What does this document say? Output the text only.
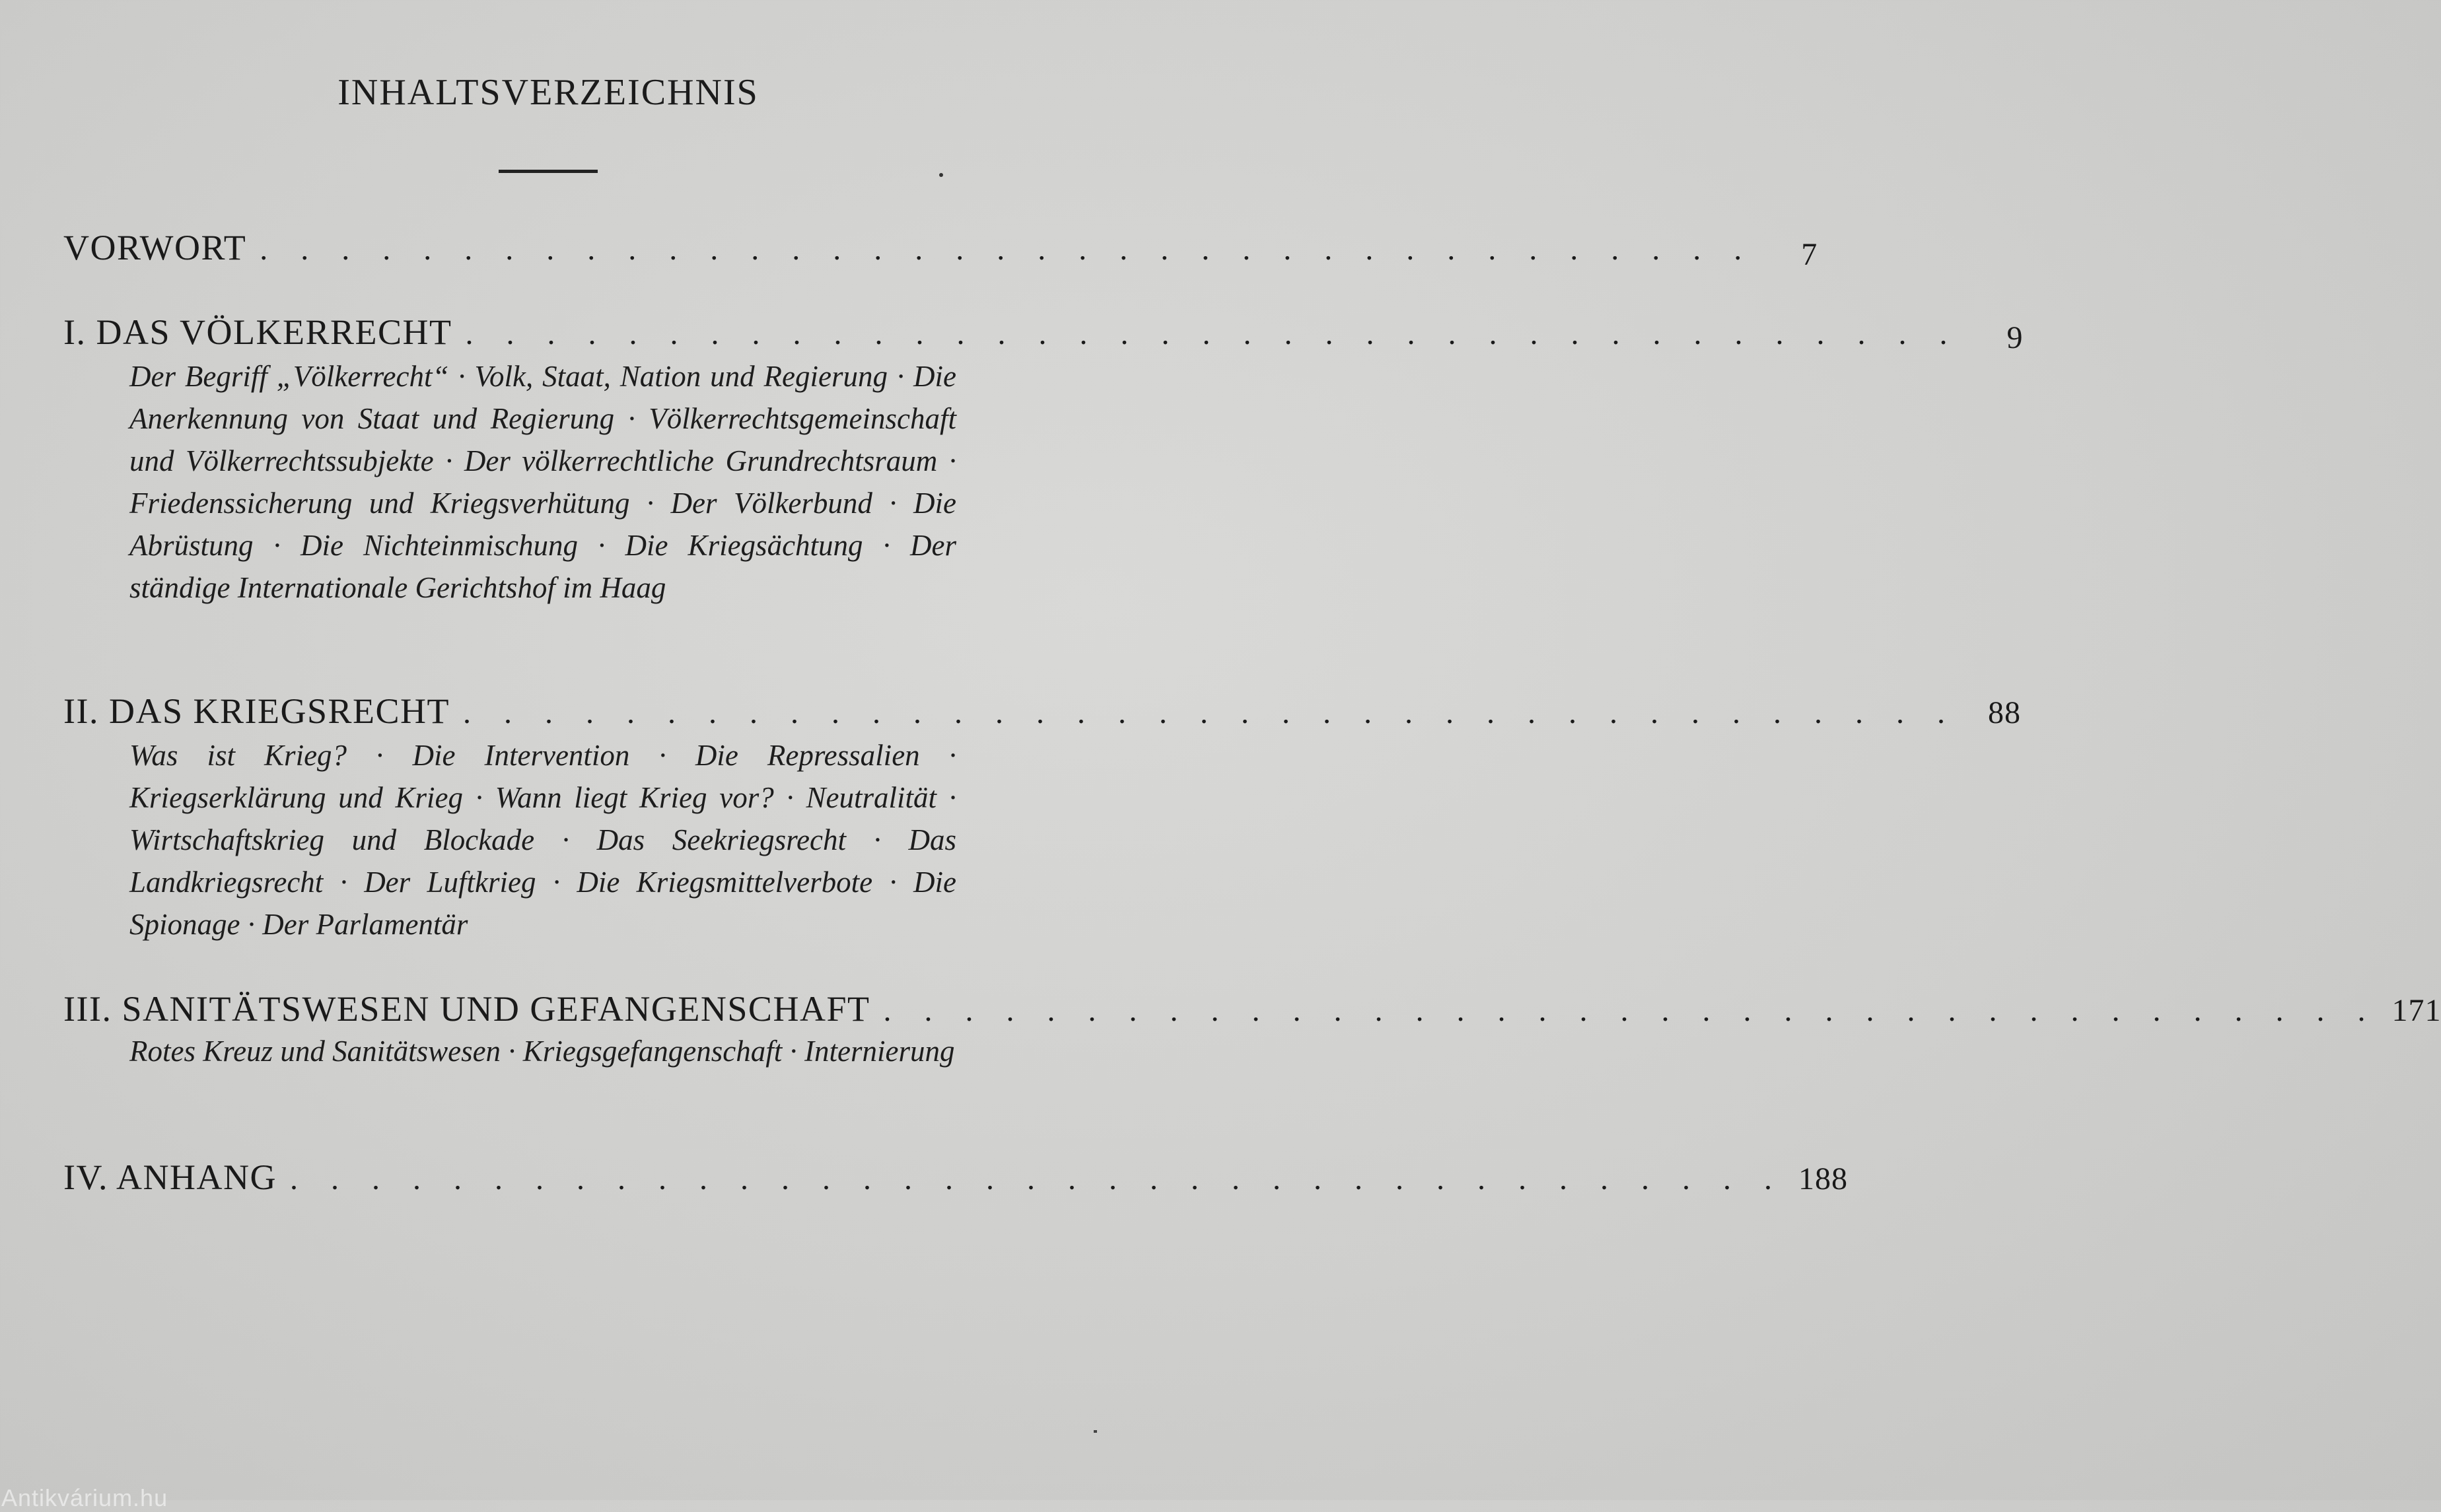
INHALTSVERZEICHNIS
VORWORT . . . . . . . . . . . . . . . . . . . . . . . . . . . . . . . . . . . . .	7
I. DAS VÖLKERRECHT . . . . . . . . . . . . . . . . . . . . . . . . . . . . . . . . . . . . .	9
Der Begriff „Völkerrecht“ · Volk, Staat, Nation und Regierung · Die Anerkennung von Staat und Regierung · Völkerrechtsgemeinschaft und Völkerrechtssubjekte · Der völkerrechtliche Grundrechtsraum · Friedenssicherung und Kriegsverhütung · Der Völkerbund · Die Abrüstung · Die Nichteinmischung · Die Kriegsächtung · Der ständige Internationale Gerichtshof im Haag
II. DAS KRIEGSRECHT . . . . . . . . . . . . . . . . . . . . . . . . . . . . . . . . . . . . . 88
Was ist Krieg? · Die Intervention · Die Repressalien · Kriegserklärung und Krieg · Wann liegt Krieg vor? · Neutralität · Wirtschaftskrieg und Blockade · Das Seekriegsrecht · Das Landkriegsrecht · Der Luftkrieg · Die Kriegsmittelverbote · Die Spionage · Der Parlamentär
III. SANITÄTSWESEN UND GEFANGENSCHAFT . . . . . . . . . . . . . . . . . . . . . . . . . . . . . . . . . . . . . 171
Rotes Kreuz und Sanitätswesen · Kriegsgefangenschaft · Internierung
IV. ANHANG . . . . . . . . . . . . . . . . . . . . . . . . . . . . . . . . . . . . . 188
Antikvárium.hu
